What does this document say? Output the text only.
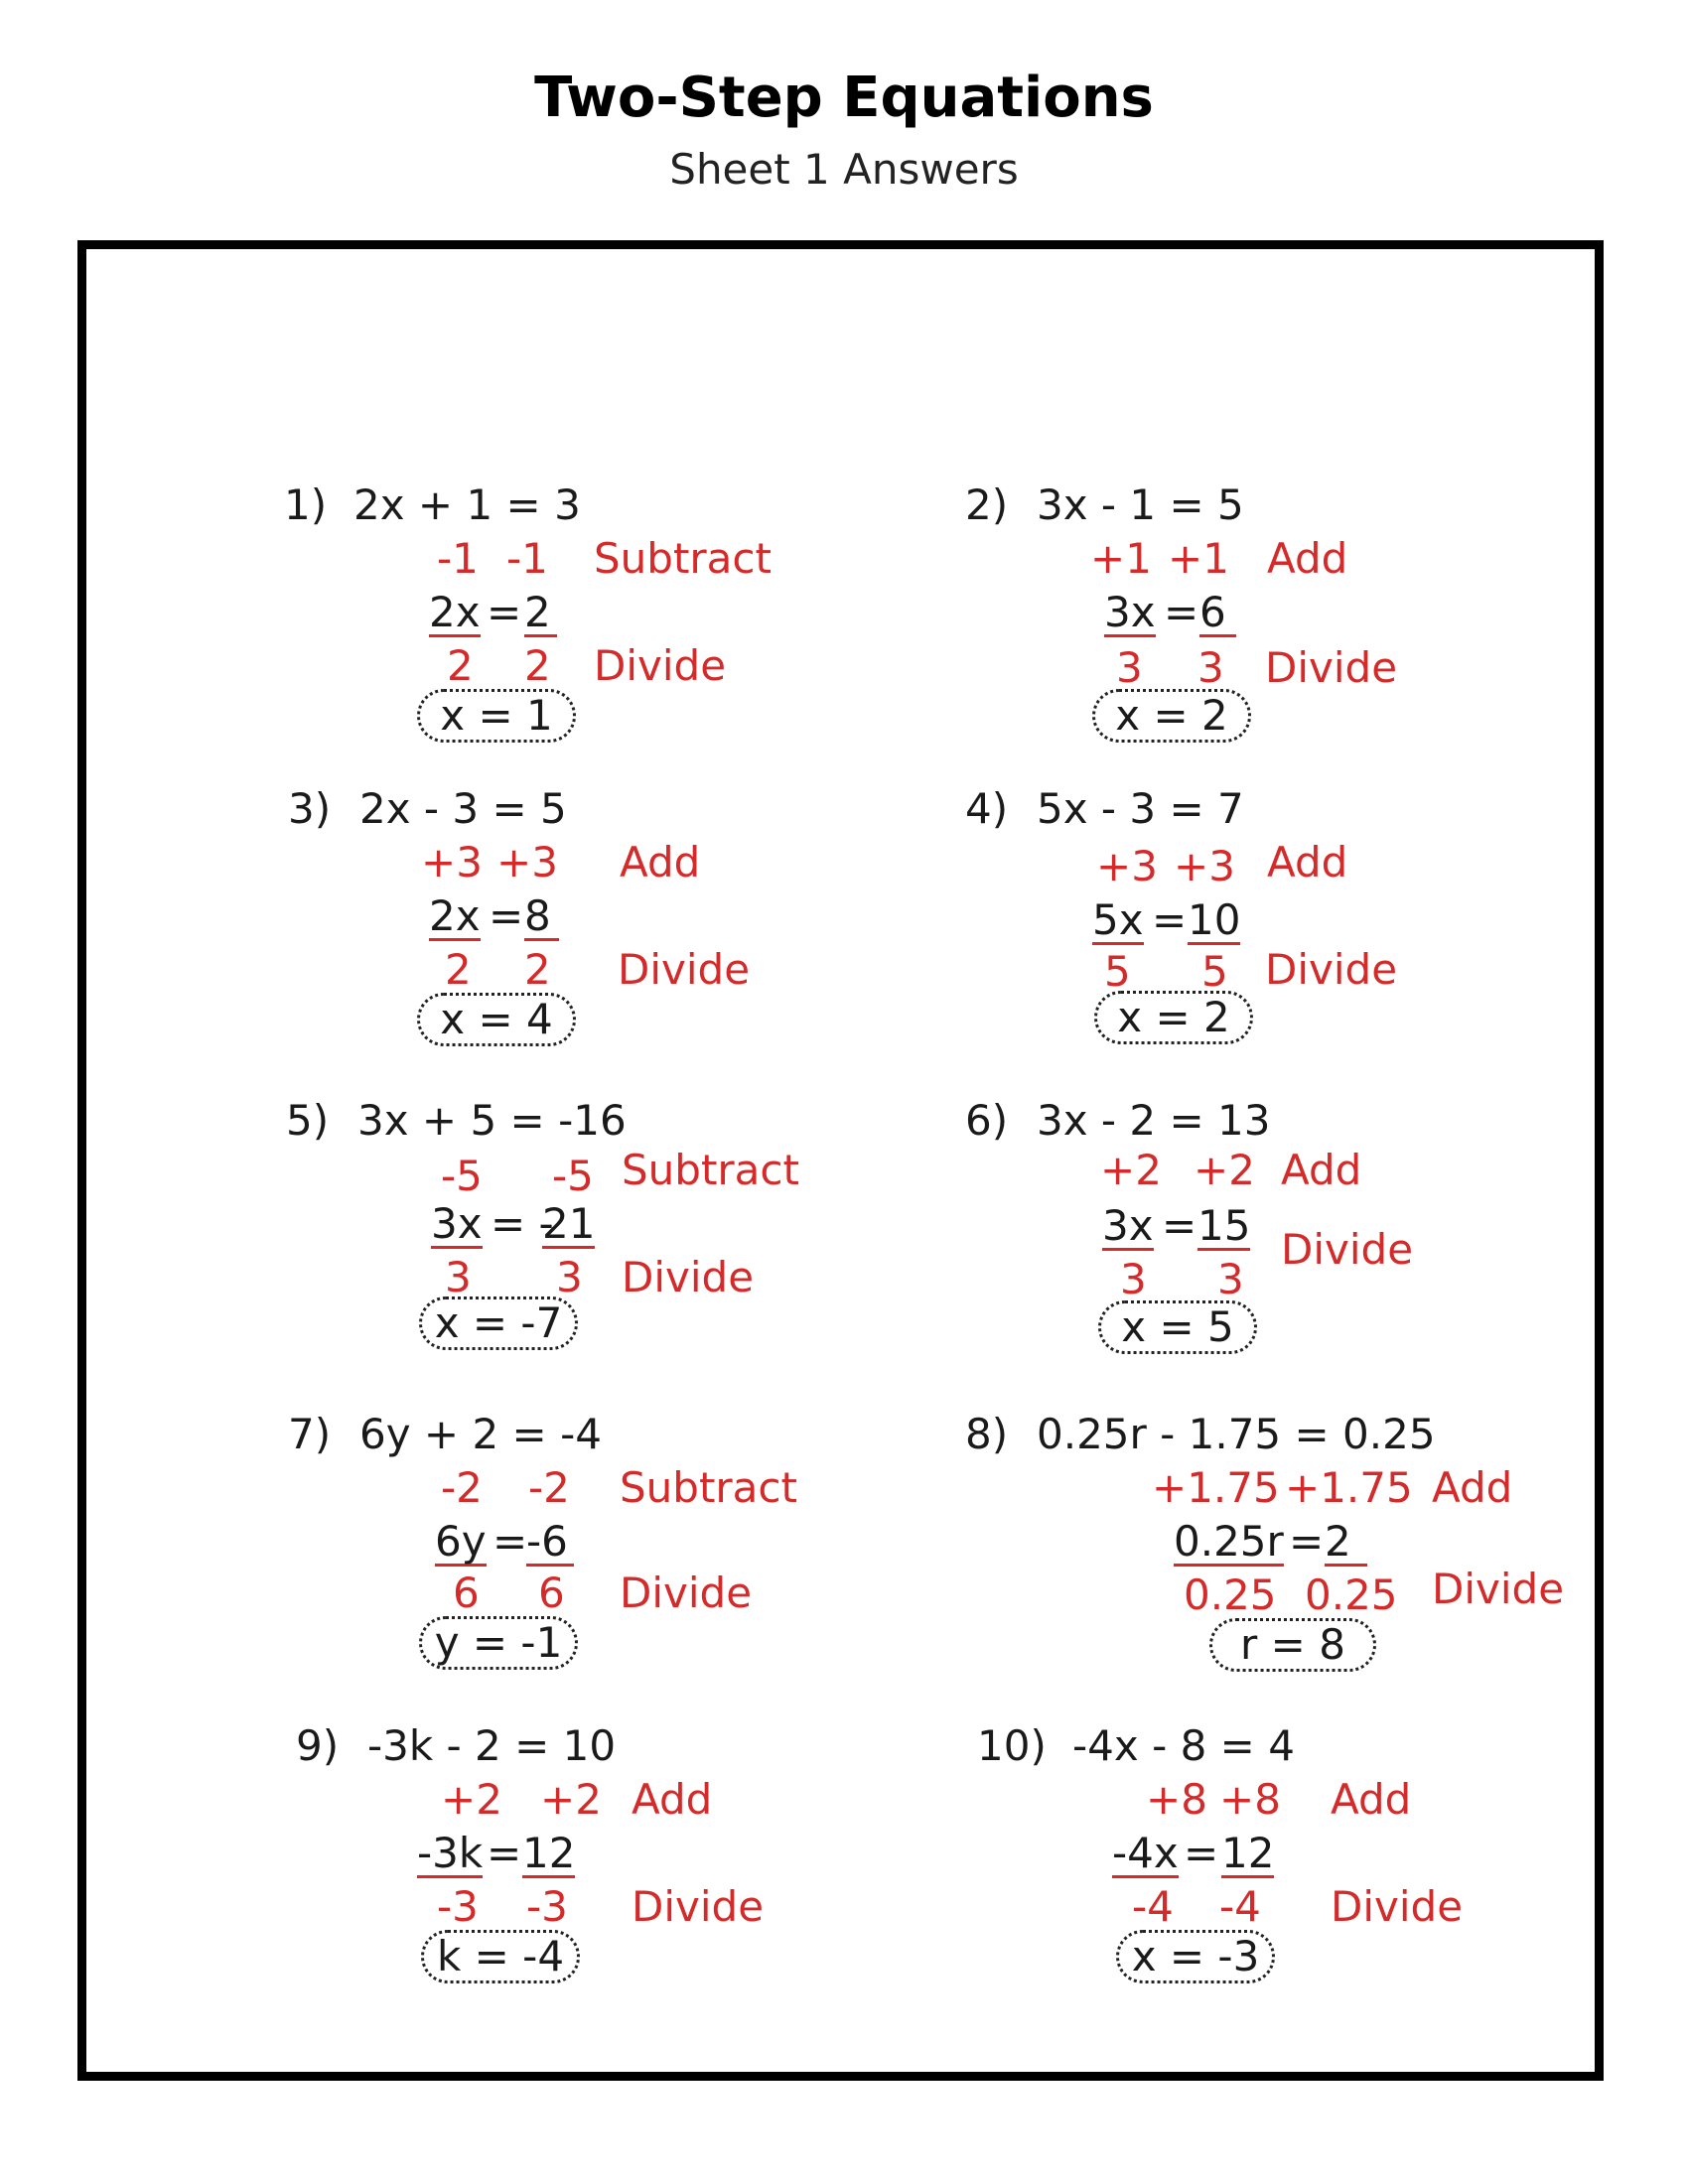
Two-Step Equations
Sheet 1 Answers
1) 2x + 1 = 3
-1 -1 Subtract
2x = 2
2 2 Divide
x = 1
2) 3x - 1 = 5
+1 +1 Add
3x = 6
3 3 Divide
x = 2
3) 2x - 3 = 5
+3 +3 Add
2x = 8
2 2 Divide
x = 4
4) 5x - 3 = 7
+3 +3 Add
5x = 10
5 5 Divide
x = 2
5) 3x + 5 = -16
-5 -5 Subtract
3x = -
21
3 3 Divide
x = -7
6) 3x - 2 = 13
+2 +2 Add
3x = 15
3 3
Divide
x = 5
7) 6y + 2 = -4
-2 -2 Subtract
6y =
-6
6 6 Divide
y = -1
8) 0.25r - 1.75 = 0.25
+1.75 +1.75 Add
0.25r = 2
0.25 0.25 Divide
r = 8
9) -3k - 2 = 10
+2 +2 Add
-3k = 12
-3 -3 Divide
k = -4
10) -4x - 8 = 4
+8 +8 Add
-4x = 12
-4 -4 Divide
x = -3
